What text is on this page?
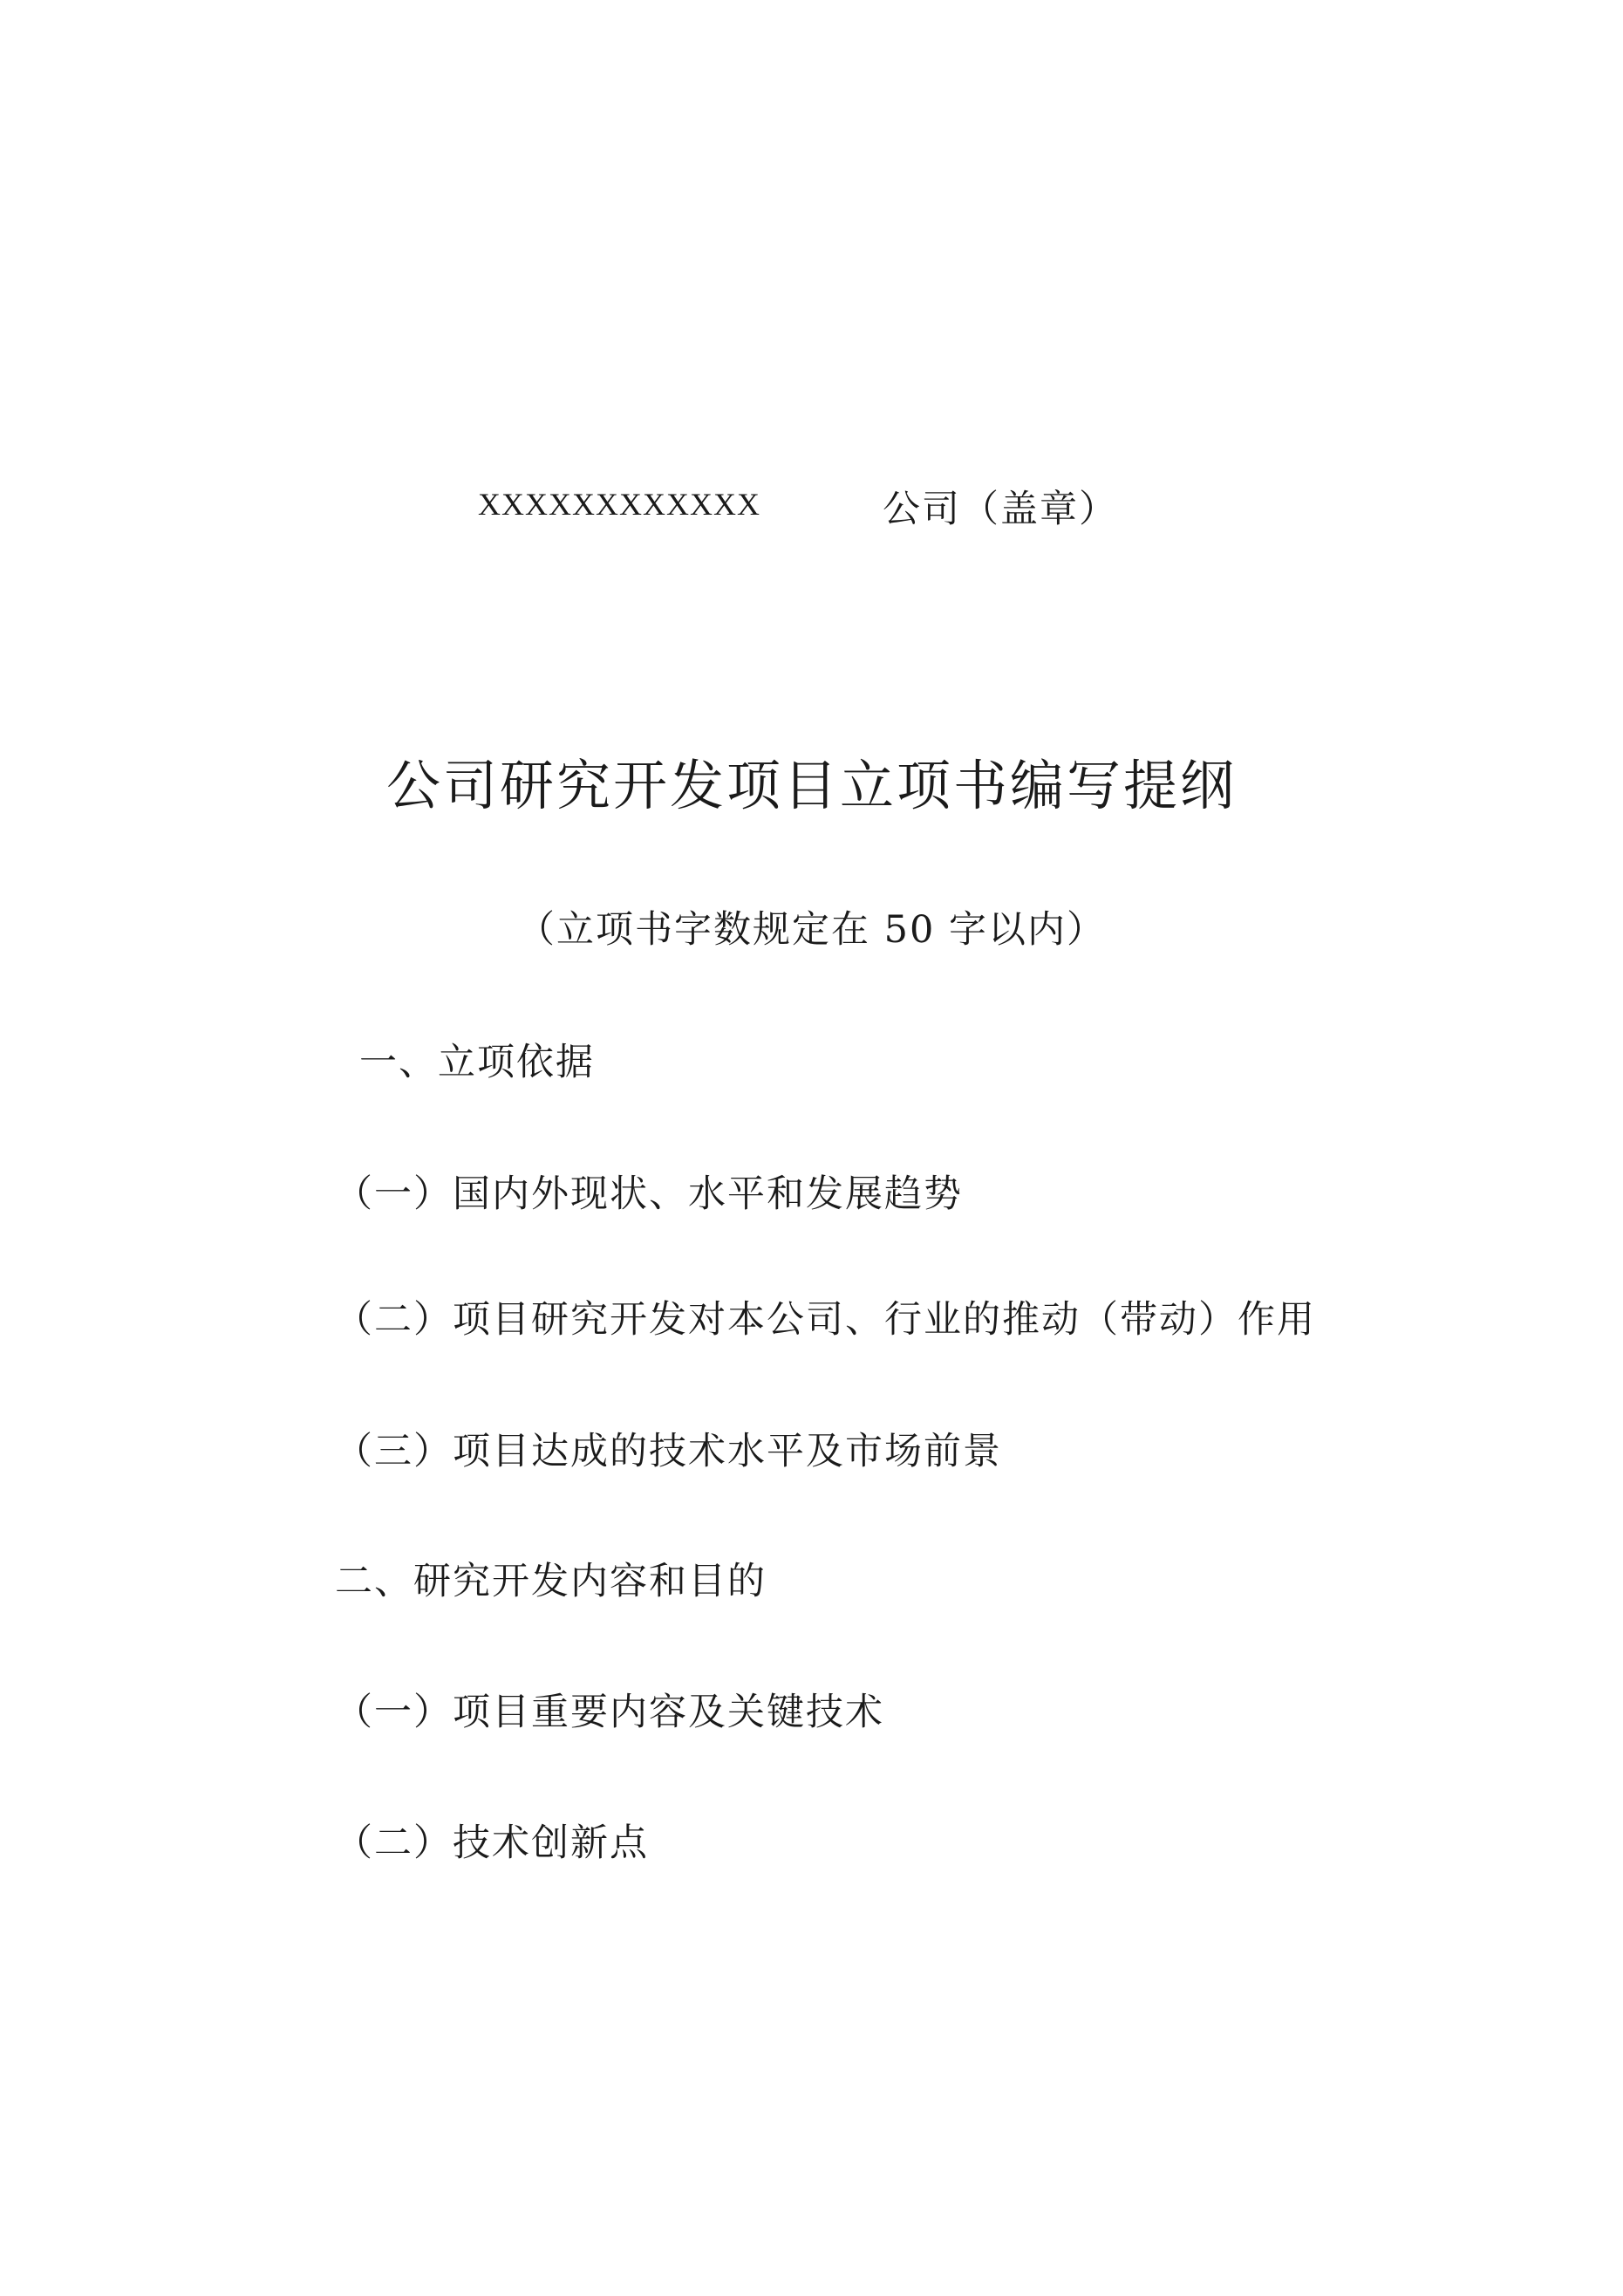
XXXXXXXXXXXX	公司（盖章）
公司研究开发项目立项书编写提纲
（立项书字数规定在 50 字以内）
一、立项依据
（一）国内外现状、水平和发展趋势
（二）项目研究开发对本公司、行业的推动（带动）作用
（三）项目达成的技术水平及市场前景
二、研究开发内容和目的
（一）项目重要内容及关键技术
（二）技术创新点
